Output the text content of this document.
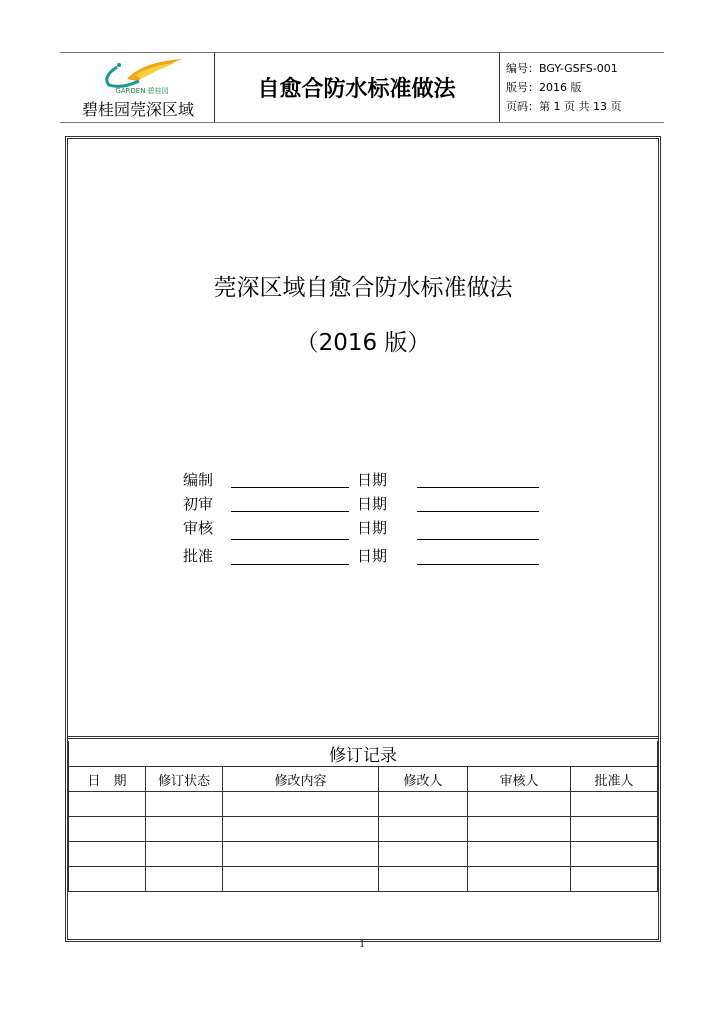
GARDEN 碧桂园
碧桂园莞深区域
自愈合防水标准做法
编号：BGY-GSFS-001
版号：2016 版
页码：第 1 页 共 13 页
莞深区域自愈合防水标准做法
（2016 版）
编制	日期
初审	日期
审核	日期
批准	日期
修订记录					
日　期	修订状态	修改内容	修改人	审核人	批准人

1
